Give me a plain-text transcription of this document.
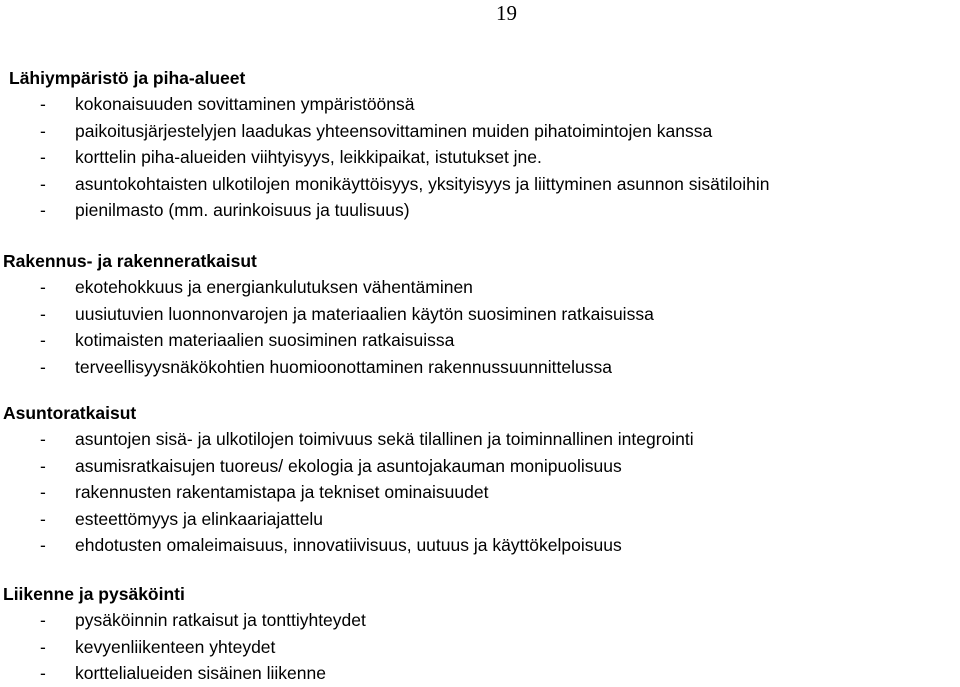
19
Lähiympäristö ja piha-alueet
- kokonaisuuden sovittaminen ympäristöönsä
- paikoitusjärjestelyjen laadukas yhteensovittaminen muiden pihatoimintojen kanssa
- korttelin piha-alueiden viihtyisyys, leikkipaikat, istutukset jne.
- asuntokohtaisten ulkotilojen monikäyttöisyys, yksityisyys ja liittyminen asunnon sisätiloihin
- pienilmasto (mm. aurinkoisuus ja tuulisuus)
Rakennus- ja rakenneratkaisut
- ekotehokkuus ja energiankulutuksen vähentäminen
- uusiutuvien luonnonvarojen ja materiaalien käytön suosiminen ratkaisuissa
- kotimaisten materiaalien suosiminen ratkaisuissa
- terveellisyysnäkökohtien huomioonottaminen rakennussuunnittelussa
Asuntoratkaisut
- asuntojen sisä- ja ulkotilojen toimivuus sekä tilallinen ja toiminnallinen integrointi
- asumisratkaisujen tuoreus/ ekologia ja asuntojakauman monipuolisuus
- rakennusten rakentamistapa ja tekniset ominaisuudet
- esteettömyys ja elinkaariajattelu
- ehdotusten omaleimaisuus, innovatiivisuus, uutuus ja käyttökelpoisuus
Liikenne ja pysäköinti
- pysäköinnin ratkaisut ja tonttiyhteydet
- kevyenliikenteen yhteydet
- korttelialueiden sisäinen liikenne
